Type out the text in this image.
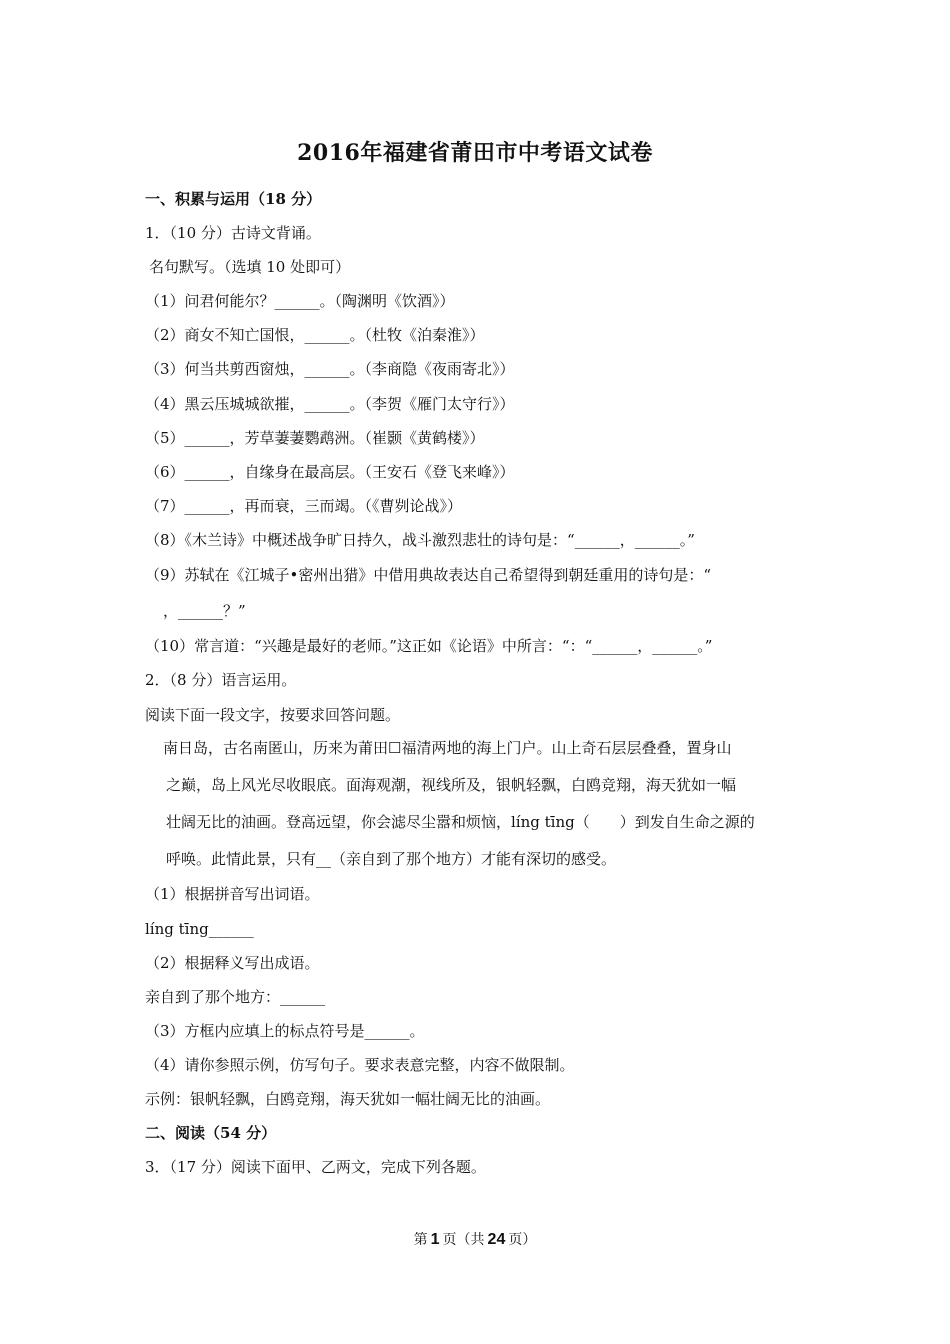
2016年福建省莆田市中考语文试卷
一、积累与运用（18 分）
1．（10 分）古诗文背诵。
名句默写。（选填 10 处即可）
（1）问君何能尔？______。（陶渊明《饮酒》）
（2）商女不知亡国恨，______。（杜牧《泊秦淮》）
（3）何当共剪西窗烛，______。（李商隐《夜雨寄北》）
（4）黑云压城城欲摧，______。（李贺《雁门太守行》）
（5）______，芳草萋萋鹦鹉洲。（崔颢《黄鹤楼》）
（6）______，自缘身在最高层。（王安石《登飞来峰》）
（7）______，再而衰，三而竭。（《曹刿论战》）
（8）《木兰诗》中概述战争旷日持久，战斗激烈悲壮的诗句是：“______，______。”
（9）苏轼在《江城子•密州出猎》中借用典故表达自己希望得到朝廷重用的诗句是：“
，______？”
（10）常言道：“兴趣是最好的老师。”这正如《论语》中所言：“：“______，______。”
2．（8 分）语言运用。
阅读下面一段文字，按要求回答问题。
南日岛，古名南匿山，历来为莆田☐福清两地的海上门户。山上奇石层层叠叠，置身山
之巅，岛上风光尽收眼底。面海观潮，视线所及，银帆轻飘，白鸥竞翔，海天犹如一幅
壮阔无比的油画。登高远望，你会滤尽尘嚣和烦恼，líng tīng（　　）到发自生命之源的
呼唤。此情此景，只有__（亲自到了那个地方）才能有深切的感受。
（1）根据拼音写出词语。
líng tīng______
（2）根据释义写出成语。
亲自到了那个地方：______
（3）方框内应填上的标点符号是______。
（4）请你参照示例，仿写句子。要求表意完整，内容不做限制。
示例：银帆轻飘，白鸥竞翔，海天犹如一幅壮阔无比的油画。
二、阅读（54 分）
3．（17 分）阅读下面甲、乙两文，完成下列各题。
第 1 页（共 24 页）
